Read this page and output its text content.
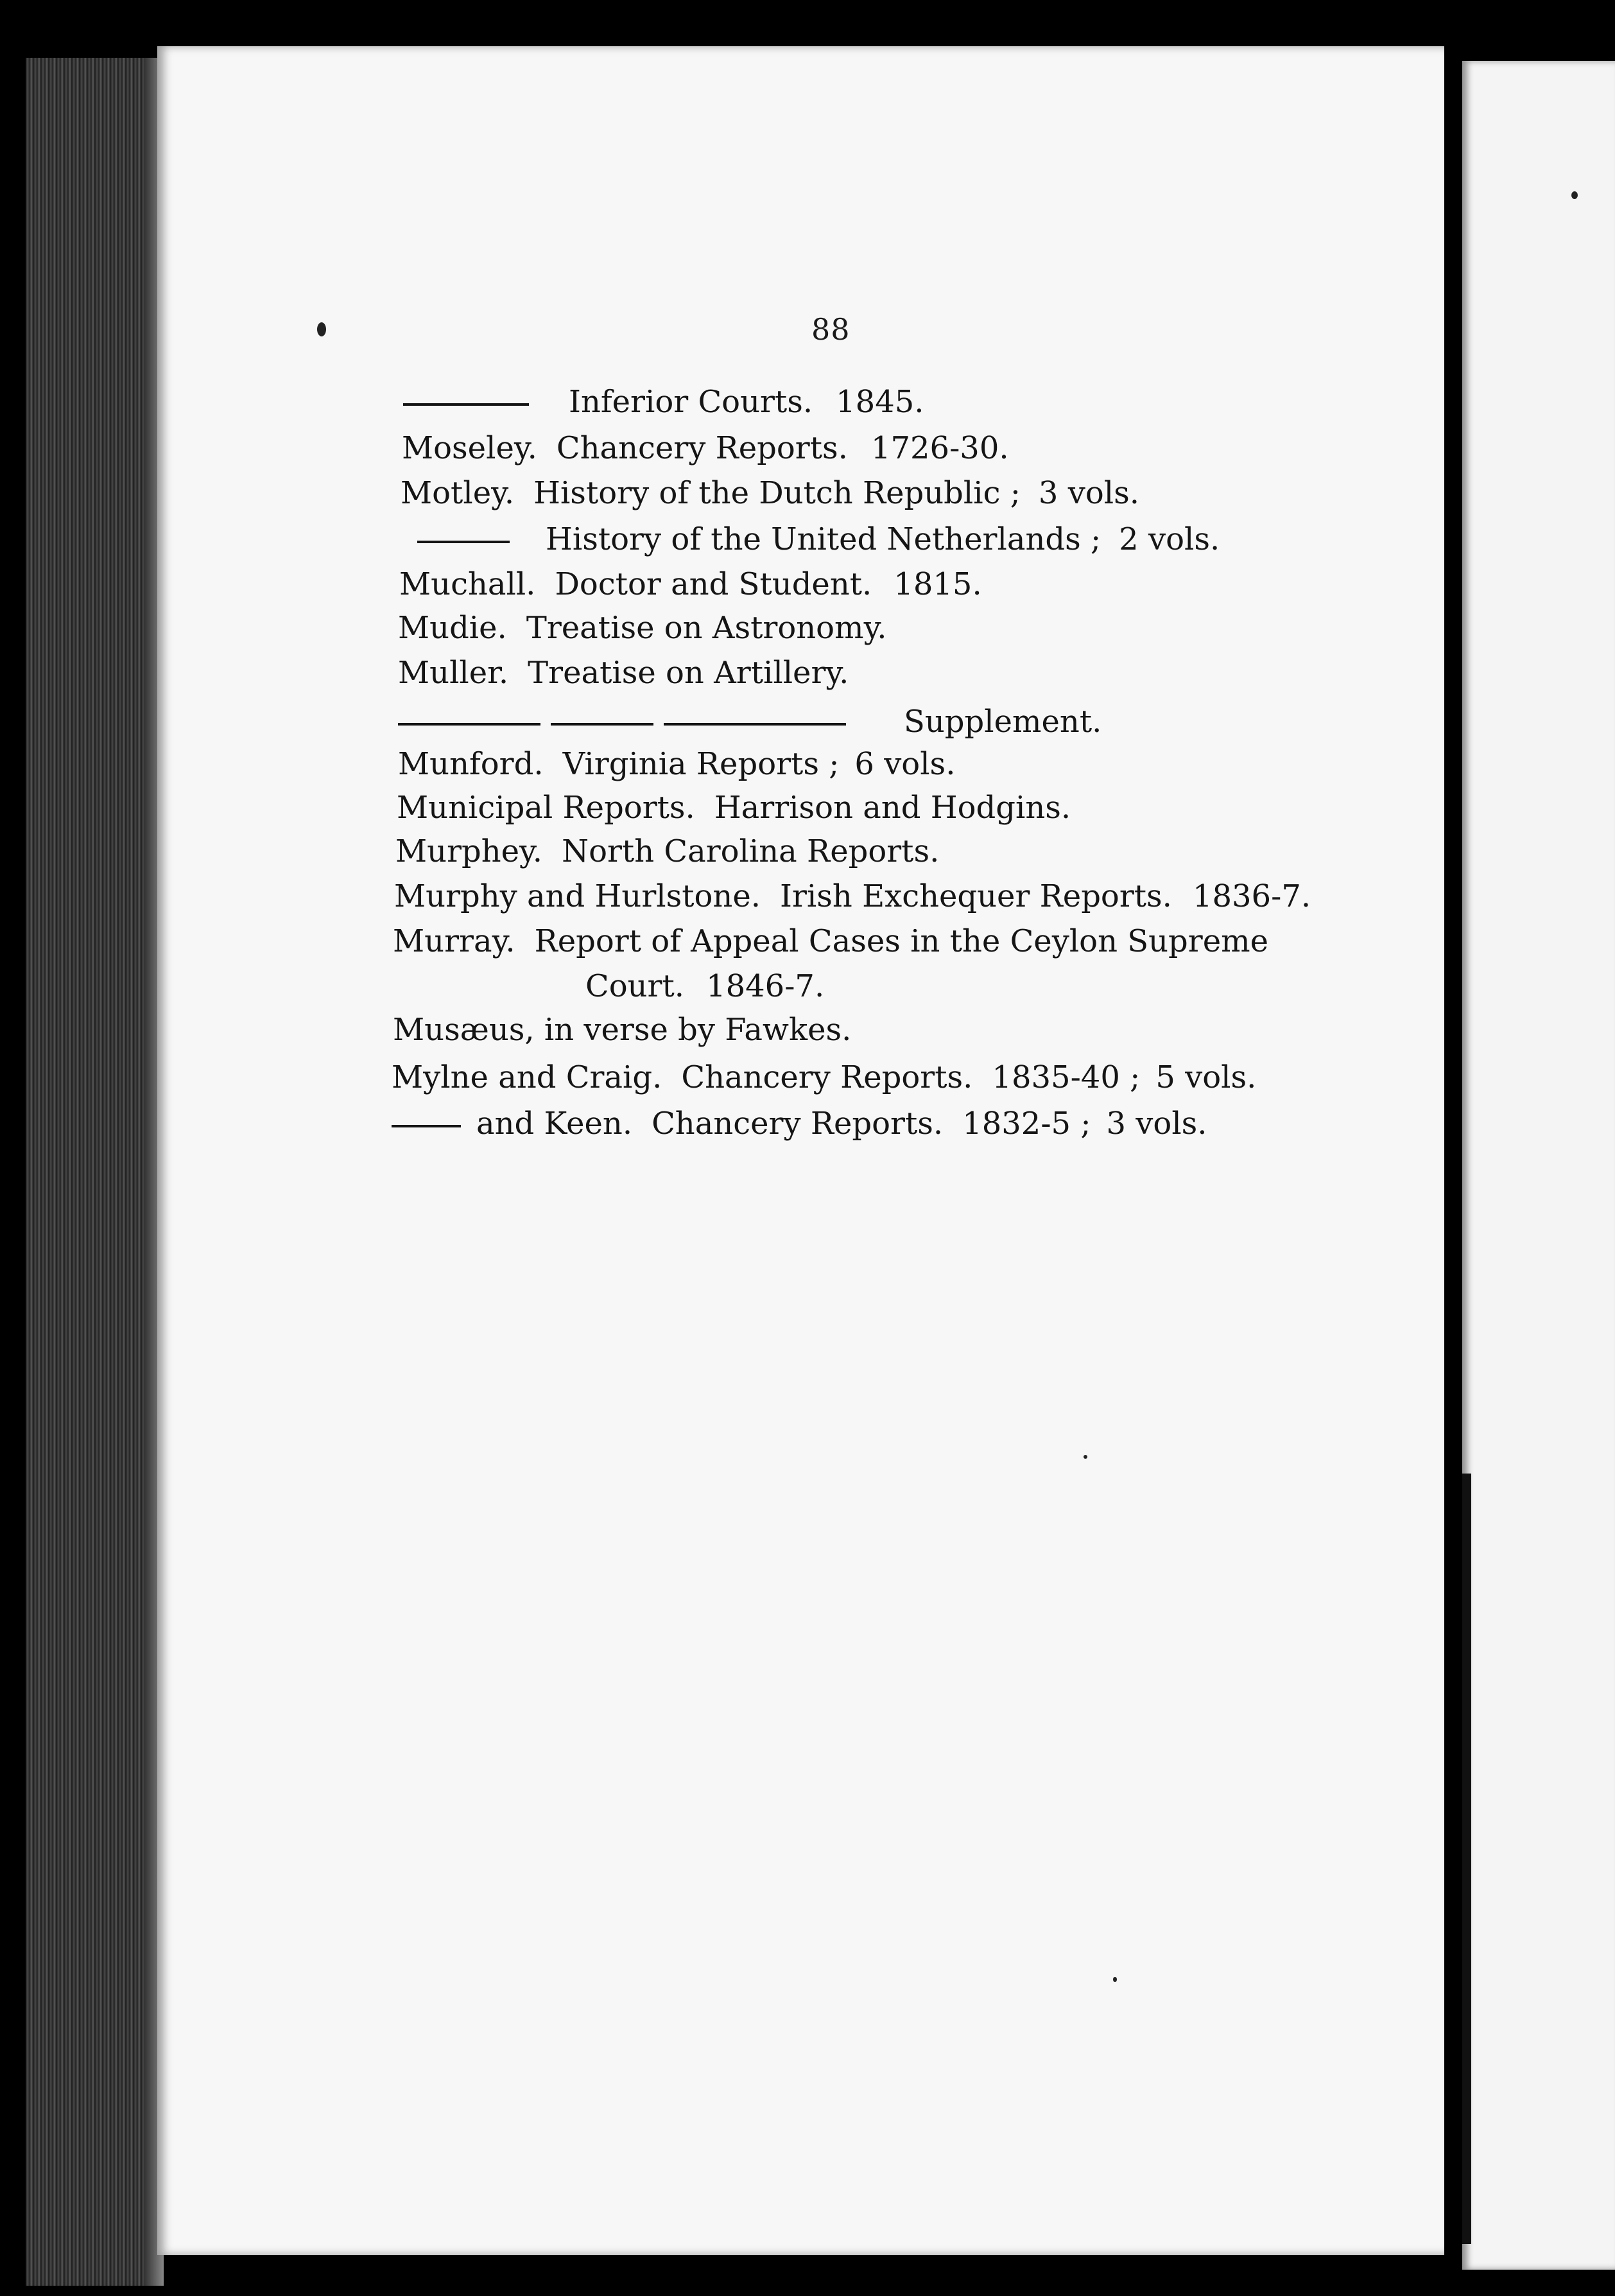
88
Inferior Courts. 1845.
Moseley. Chancery Reports. 1726-30.
Motley. History of the Dutch Republic ; 3 vols.
History of the United Netherlands ; 2 vols.
Muchall. Doctor and Student. 1815.
Mudie. Treatise on Astronomy.
Muller. Treatise on Artillery.
Supplement.
Munford. Virginia Reports ; 6 vols.
Municipal Reports. Harrison and Hodgins.
Murphey. North Carolina Reports.
Murphy and Hurlstone. Irish Exchequer Reports. 1836-7.
Murray. Report of Appeal Cases in the Ceylon Supreme
Court. 1846-7.
Musæus, in verse by Fawkes.
Mylne and Craig. Chancery Reports. 1835-40 ; 5 vols.
and Keen. Chancery Reports. 1832-5 ; 3 vols.
